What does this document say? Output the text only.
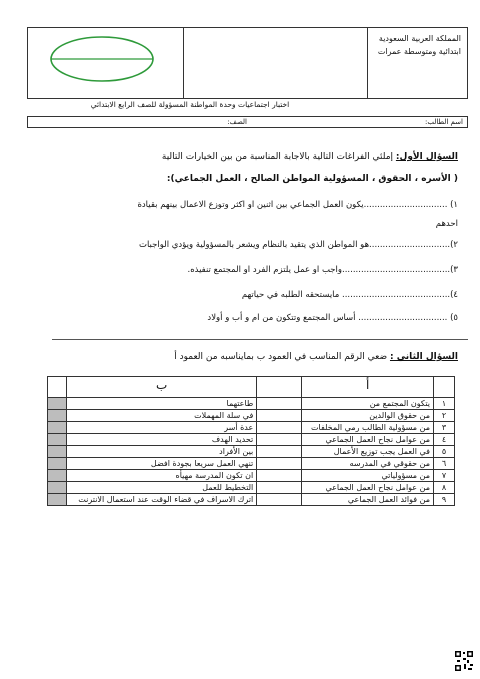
المملكة العربية السعودية
ابتدائية ومتوسطة عمرات
اختبار اجتماعيات وحدة المواطنة المسؤولة للصف الرابع الابتدائي
اسم الطالب:
الصف:
السؤال الأول: إملئي الفراغات التالية بالاجابة المناسبة من بين الخيارات التالية
( الأسره ، الحقوق ، المسؤولية المواطن الصالح ، العمل الجماعي):
١) ...............................يكون العمل الجماعي بين اثنين او اكثر وتوزع الاعمال بينهم بقيادة
احدهم
٢)..............................هو المواطن الذي يتقيد بالنظام ويشعر بالمسؤولية ويؤدي الواجبات
٣)........................................واجب او عمل يلتزم الفرد او المجتمع تنفيذه.
٤)........................................ مايستحقه الطلبه في حياتهم
٥) ................................. أساس المجتمع وتتكون من ام و أب و أولاد
السؤال الثاني : ضعي الرقم المناسب في العمود ب بمايناسبه من العمود أ
	ب		أ	
	طاعتهما		يتكون المجتمع من	١
	في سلة المهملات		من حقوق الوالدين	٢
	عدة أسر		من مسؤولية الطالب رمي المخلفات	٣
	تحديد الهدف		من عوامل نجاح العمل الجماعي	٤
	بين الأفراد		في العمل يجب توزيع الأعمال	٥
	تنهي العمل سريعا بجودة افضل		من حقوقي في المدرسه	٦
	ان تكون المدرسة مهيأه		من مسؤولياتي	٧
	التخطيط للعمل		من عوامل نجاح العمل الجماعي	٨
	اترك الاسراف في قضاء الوقت عند استعمال الانترنت		من فوائد العمل الجماعي	٩
